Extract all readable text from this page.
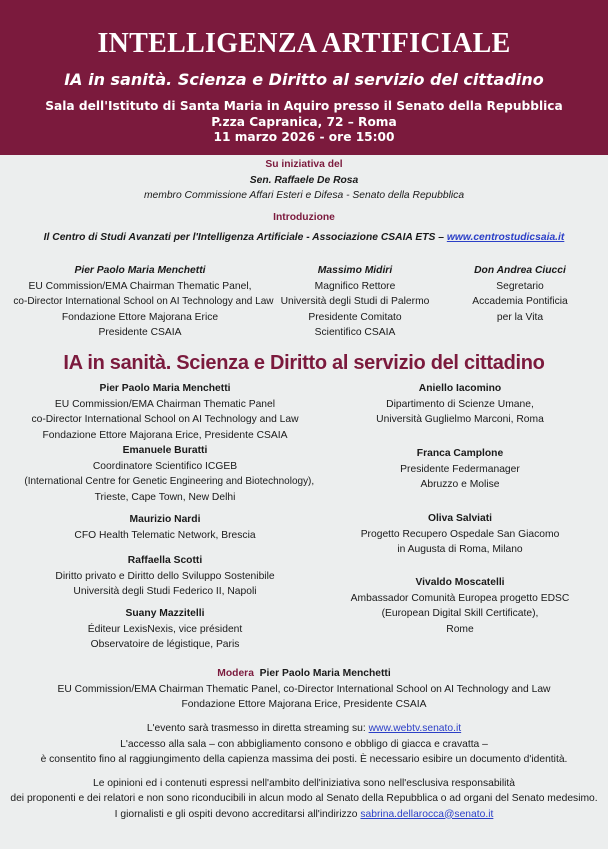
INTELLIGENZA ARTIFICIALE
IA in sanità. Scienza e Diritto al servizio del cittadino
Sala dell'Istituto di Santa Maria in Aquiro presso il Senato della Repubblica
P.zza Capranica, 72 – Roma
11 marzo 2026 - ore 15:00
Su iniziativa del
Sen. Raffaele De Rosa
membro Commissione Affari Esteri e Difesa - Senato della Repubblica
Introduzione
Il Centro di Studi Avanzati per l'Intelligenza Artificiale - Associazione CSAIA ETS – www.centrostudicsaia.it
Pier Paolo Maria Menchetti
EU Commission/EMA Chairman Thematic Panel,
co-Director International School on AI Technology and Law
Fondazione Ettore Majorana Erice
Presidente CSAIA
Massimo Midiri
Magnifico Rettore
Università degli Studi di Palermo
Presidente Comitato
Scientifico CSAIA
Don Andrea Ciucci
Segretario
Accademia Pontificia
per la Vita
IA in sanità. Scienza e Diritto al servizio del cittadino
Pier Paolo Maria Menchetti
EU Commission/EMA Chairman Thematic Panel
co-Director International School on AI Technology and Law
Fondazione Ettore Majorana Erice, Presidente CSAIA
Emanuele Buratti
Coordinatore Scientifico ICGEB
(International Centre for Genetic Engineering and Biotechnology),
Trieste, Cape Town, New Delhi
Maurizio Nardi
CFO Health Telematic Network, Brescia
Raffaella Scotti
Diritto privato e Diritto dello Sviluppo Sostenibile
Università degli Studi Federico II, Napoli
Suany Mazzitelli
Éditeur LexisNexis, vice président
Observatoire de légistique, Paris
Aniello Iacomino
Dipartimento di Scienze Umane,
Università Guglielmo Marconi, Roma
Franca Camplone
Presidente Federmanager
Abruzzo e Molise
Oliva Salviati
Progetto Recupero Ospedale San Giacomo
in Augusta di Roma, Milano
Vivaldo Moscatelli
Ambassador Comunità Europea progetto EDSC
(European Digital Skill Certificate),
Rome
Modera Pier Paolo Maria Menchetti
EU Commission/EMA Chairman Thematic Panel, co-Director International School on AI Technology and Law
Fondazione Ettore Majorana Erice, Presidente CSAIA
L'evento sarà trasmesso in diretta streaming su: www.webtv.senato.it
L'accesso alla sala – con abbigliamento consono e obbligo di giacca e cravatta –
è consentito fino al raggiungimento della capienza massima dei posti. È necessario esibire un documento d'identità.
Le opinioni ed i contenuti espressi nell'ambito dell'iniziativa sono nell'esclusiva responsabilità
dei proponenti e dei relatori e non sono riconducibili in alcun modo al Senato della Repubblica o ad organi del Senato medesimo.
I giornalisti e gli ospiti devono accreditarsi all'indirizzo sabrina.dellarocca@senato.it
